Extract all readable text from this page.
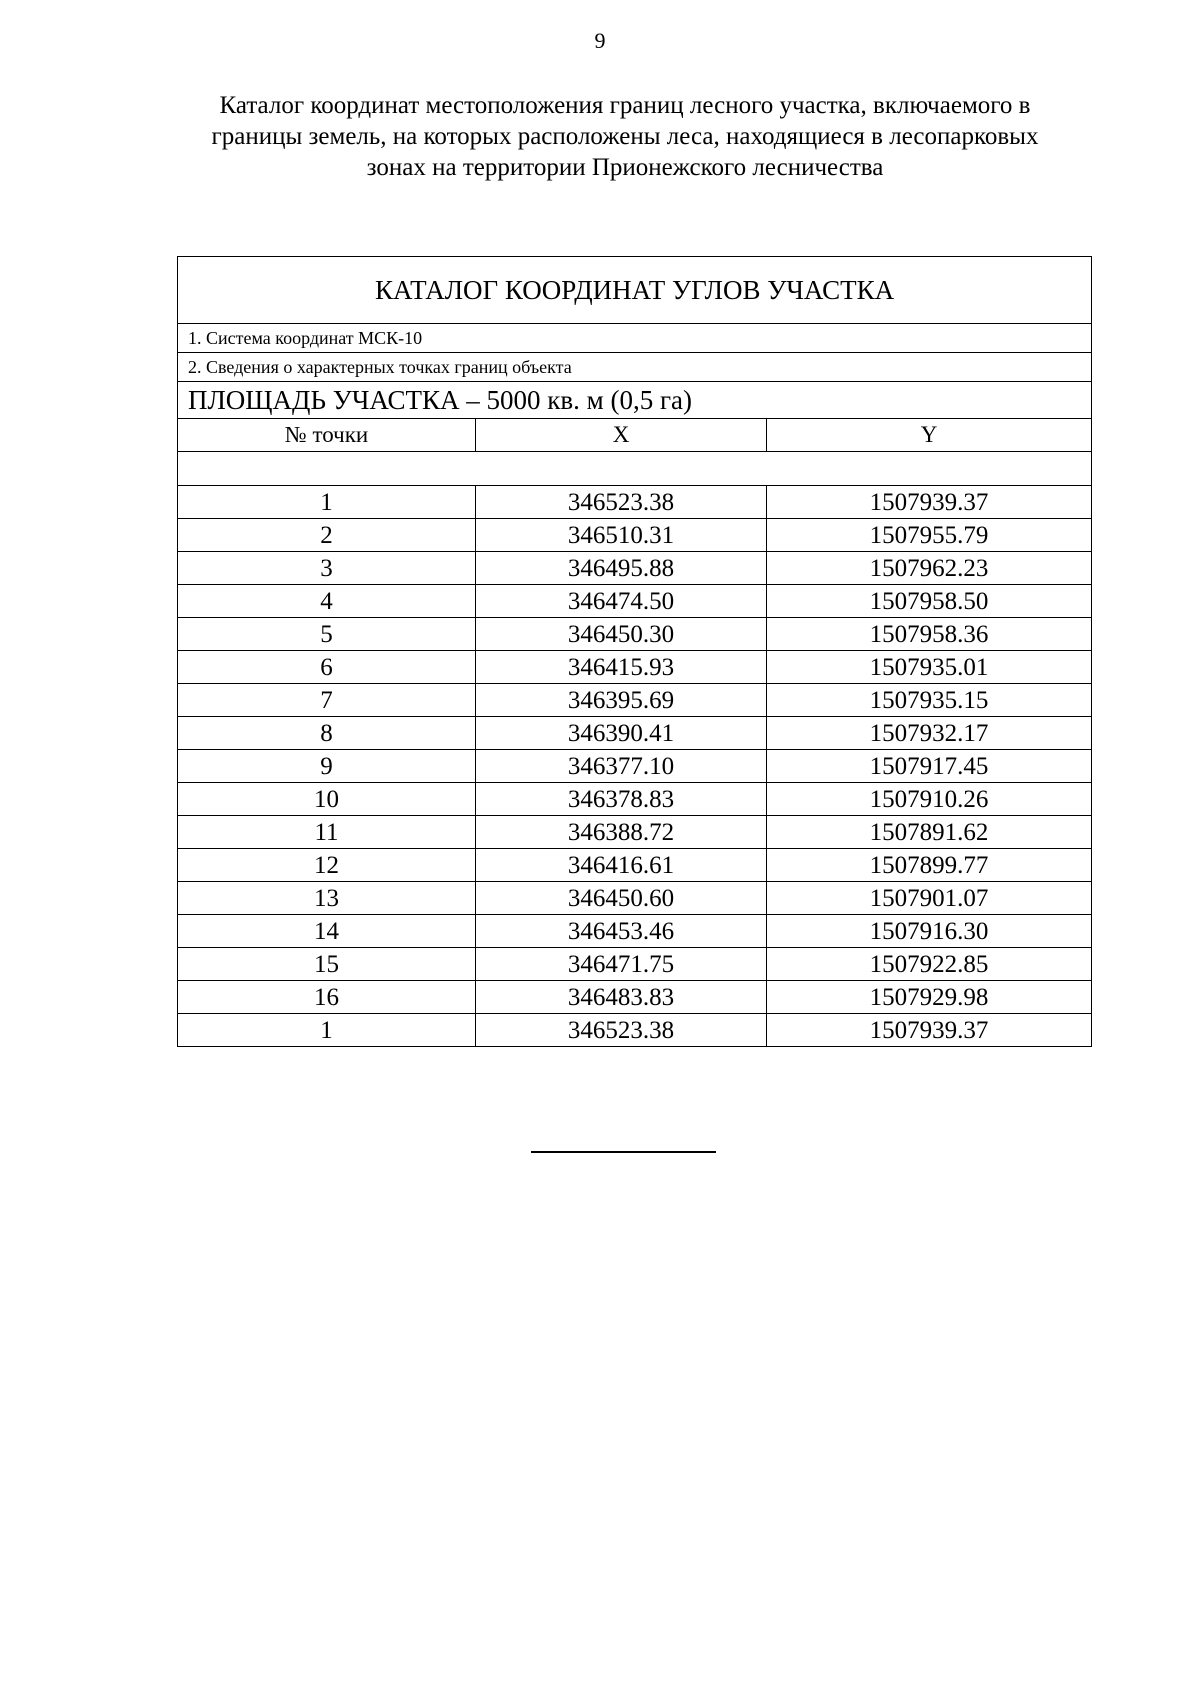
9
Каталог координат местоположения границ лесного участка, включаемого в
границы земель, на которых расположены леса, находящиеся в лесопарковых
зонах на территории Прионежского лесничества
КАТАЛОГ КООРДИНАТ УГЛОВ УЧАСТКА		
1. Система координат МСК-10		
2. Сведения о характерных точках границ объекта		
ПЛОЩАДЬ УЧАСТКА – 5000 кв. м (0,5 га)		
№ точки	X	Y

1	346523.38	1507939.37
2	346510.31	1507955.79
3	346495.88	1507962.23
4	346474.50	1507958.50
5	346450.30	1507958.36
6	346415.93	1507935.01
7	346395.69	1507935.15
8	346390.41	1507932.17
9	346377.10	1507917.45
10	346378.83	1507910.26
11	346388.72	1507891.62
12	346416.61	1507899.77
13	346450.60	1507901.07
14	346453.46	1507916.30
15	346471.75	1507922.85
16	346483.83	1507929.98
1	346523.38	1507939.37
